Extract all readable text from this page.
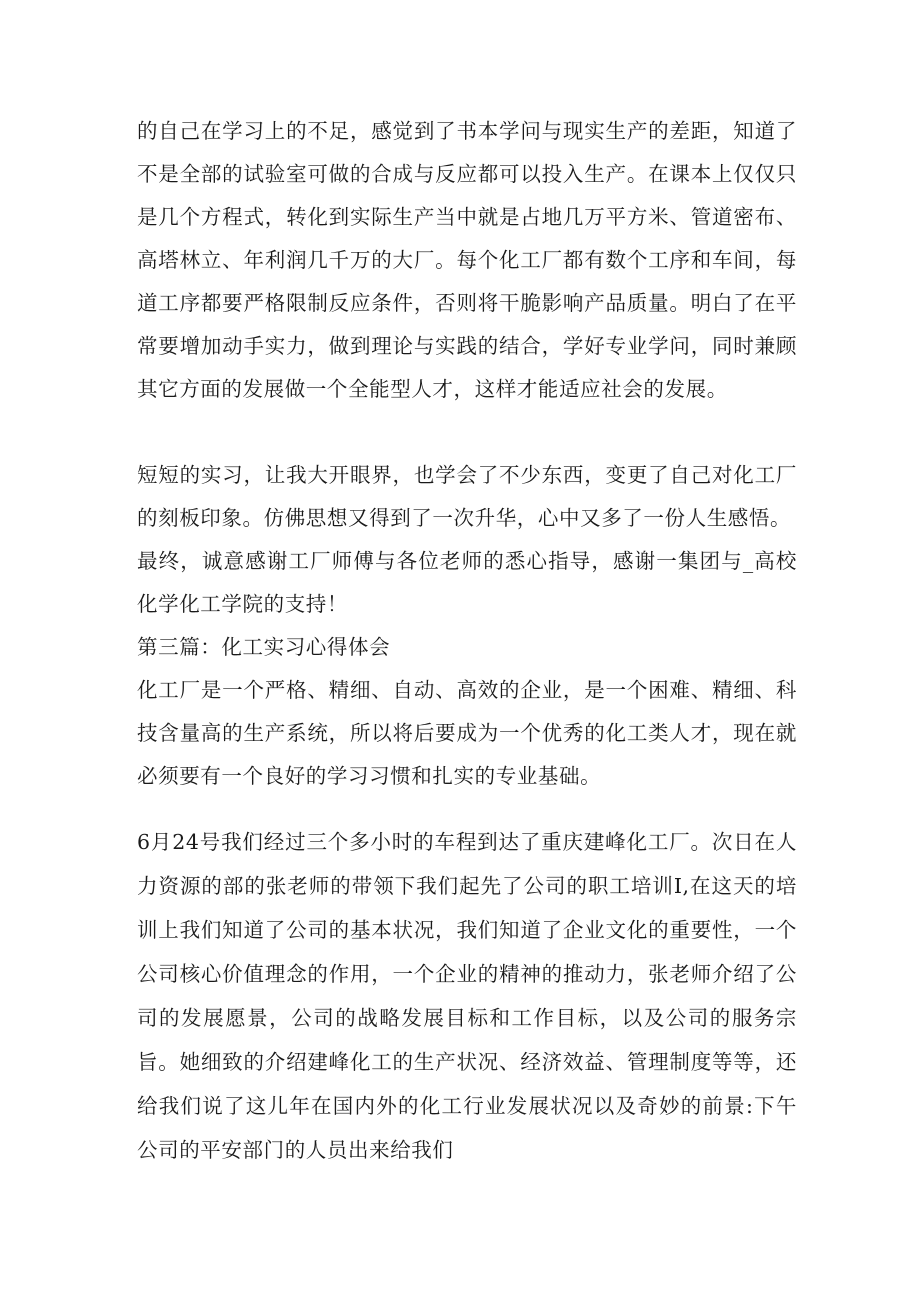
的自己在学习上的不足，感觉到了书本学问与现实生产的差距，知道了不是全部的试验室可做的合成与反应都可以投入生产。在课本上仅仅只是几个方程式，转化到实际生产当中就是占地几万平方米、管道密布、高塔林立、年利润几千万的大厂。每个化工厂都有数个工序和车间，每道工序都要严格限制反应条件，否则将干脆影响产品质量。明白了在平常要增加动手实力，做到理论与实践的结合，学好专业学问，同时兼顾其它方面的发展做一个全能型人才，这样才能适应社会的发展。

短短的实习，让我大开眼界，也学会了不少东西，变更了自己对化工厂的刻板印象。仿佛思想又得到了一次升华，心中又多了一份人生感悟。

最终，诚意感谢工厂师傅与各位老师的悉心指导，感谢一集团与_高校化学化工学院的支持！

第三篇：化工实习心得体会

化工厂是一个严格、精细、自动、高效的企业，是一个困难、精细、科技含量高的生产系统，所以将后要成为一个优秀的化工类人才，现在就必须要有一个良好的学习习惯和扎实的专业基础。

6月24号我们经过三个多小时的车程到达了重庆建峰化工厂。次日在人力资源的部的张老师的带领下我们起先了公司的职工培训I,在这天的培训上我们知道了公司的基本状况，我们知道了企业文化的重要性，一个公司核心价值理念的作用，一个企业的精神的推动力，张老师介绍了公司的发展愿景，公司的战略发展目标和工作目标，以及公司的服务宗旨。她细致的介绍建峰化工的生产状况、经济效益、管理制度等等，还给我们说了这儿年在国内外的化工行业发展状况以及奇妙的前景:下午公司的平安部门的人员出来给我们
